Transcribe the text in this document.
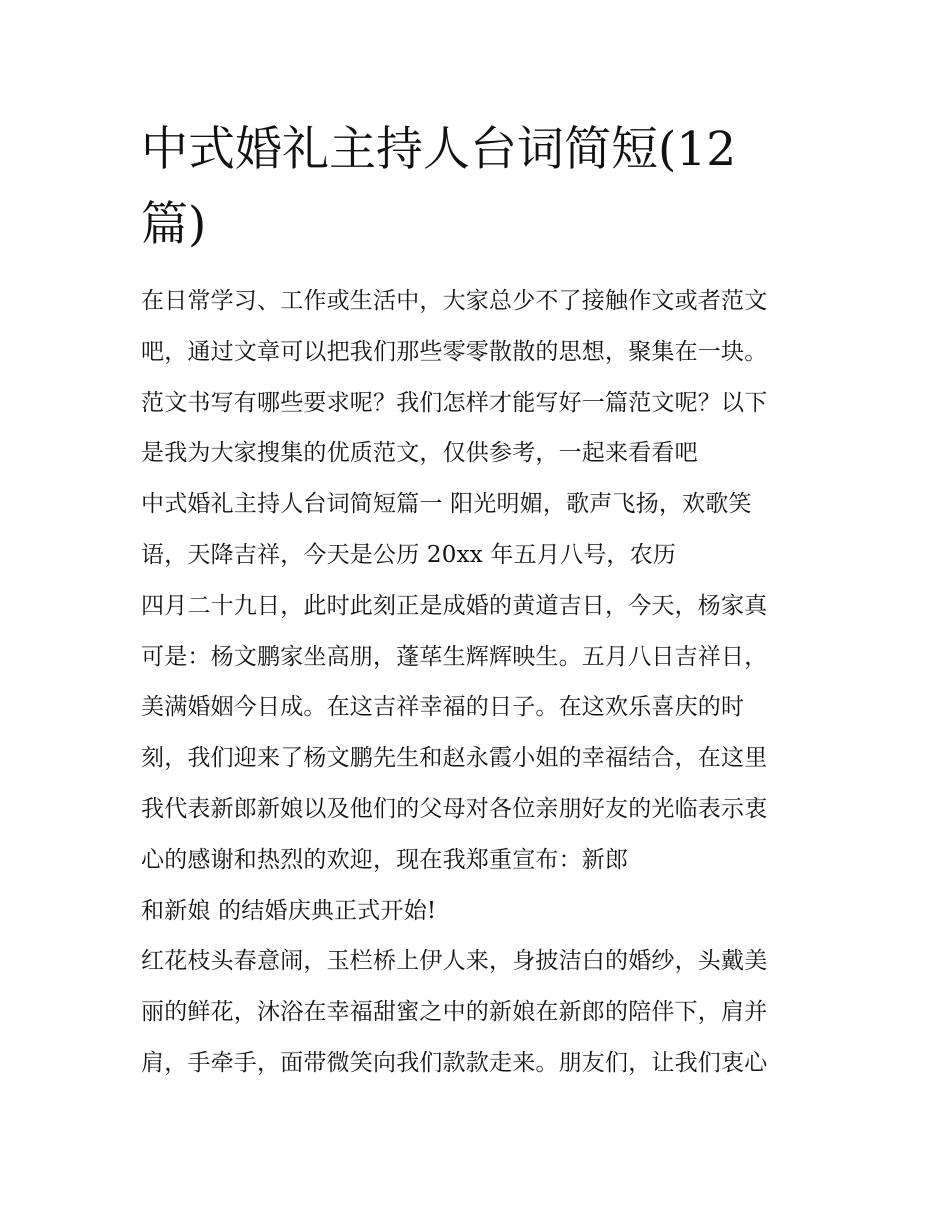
中式婚礼主持人台词简短(12
篇)
在日常学习、工作或生活中，大家总少不了接触作文或者范文
吧，通过文章可以把我们那些零零散散的思想，聚集在一块。
范文书写有哪些要求呢？我们怎样才能写好一篇范文呢？以下
是我为大家搜集的优质范文，仅供参考，一起来看看吧
中式婚礼主持人台词简短篇一 阳光明媚，歌声飞扬，欢歌笑
语，天降吉祥，今天是公历 20xx 年五月八号，农历
四月二十九日，此时此刻正是成婚的黄道吉日，今天，杨家真
可是：杨文鹏家坐高朋，蓬荜生辉辉映生。五月八日吉祥日，
美满婚姻今日成。在这吉祥幸福的日子。在这欢乐喜庆的时
刻，我们迎来了杨文鹏先生和赵永霞小姐的幸福结合，在这里
我代表新郎新娘以及他们的父母对各位亲朋好友的光临表示衷
心的感谢和热烈的欢迎，现在我郑重宣布：新郎
和新娘 的结婚庆典正式开始!
红花枝头春意闹，玉栏桥上伊人来，身披洁白的婚纱，头戴美
丽的鲜花，沐浴在幸福甜蜜之中的新娘在新郎的陪伴下，肩并
肩，手牵手，面带微笑向我们款款走来。朋友们，让我们衷心
